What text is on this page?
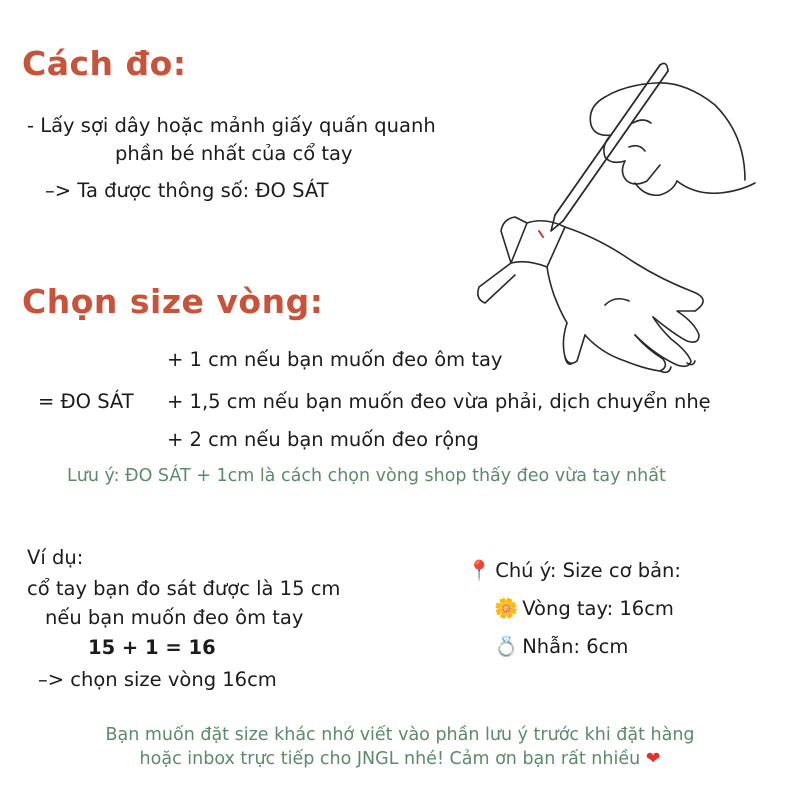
Cách đo:
- Lấy sợi dây hoặc mảnh giấy quấn quanh
phần bé nhất của cổ tay
–> Ta được thông số: ĐO SÁT
Chọn size vòng:
+ 1 cm nếu bạn muốn đeo ôm tay
= ĐO SÁT + 1,5 cm nếu bạn muốn đeo vừa phải, dịch chuyển nhẹ
+ 2 cm nếu bạn muốn đeo rộng
Lưu ý: ĐO SÁT + 1cm là cách chọn vòng shop thấy đeo vừa tay nhất
Ví dụ:
cổ tay bạn đo sát được là 15 cm
nếu bạn muốn đeo ôm tay
15 + 1 = 16
–> chọn size vòng 16cm
📍 Chú ý: Size cơ bản:
🌼 Vòng tay: 16cm
💍 Nhẫn: 6cm
Bạn muốn đặt size khác nhớ viết vào phần lưu ý trước khi đặt hàng
hoặc inbox trực tiếp cho JNGL nhé! Cảm ơn bạn rất nhiều ❤
